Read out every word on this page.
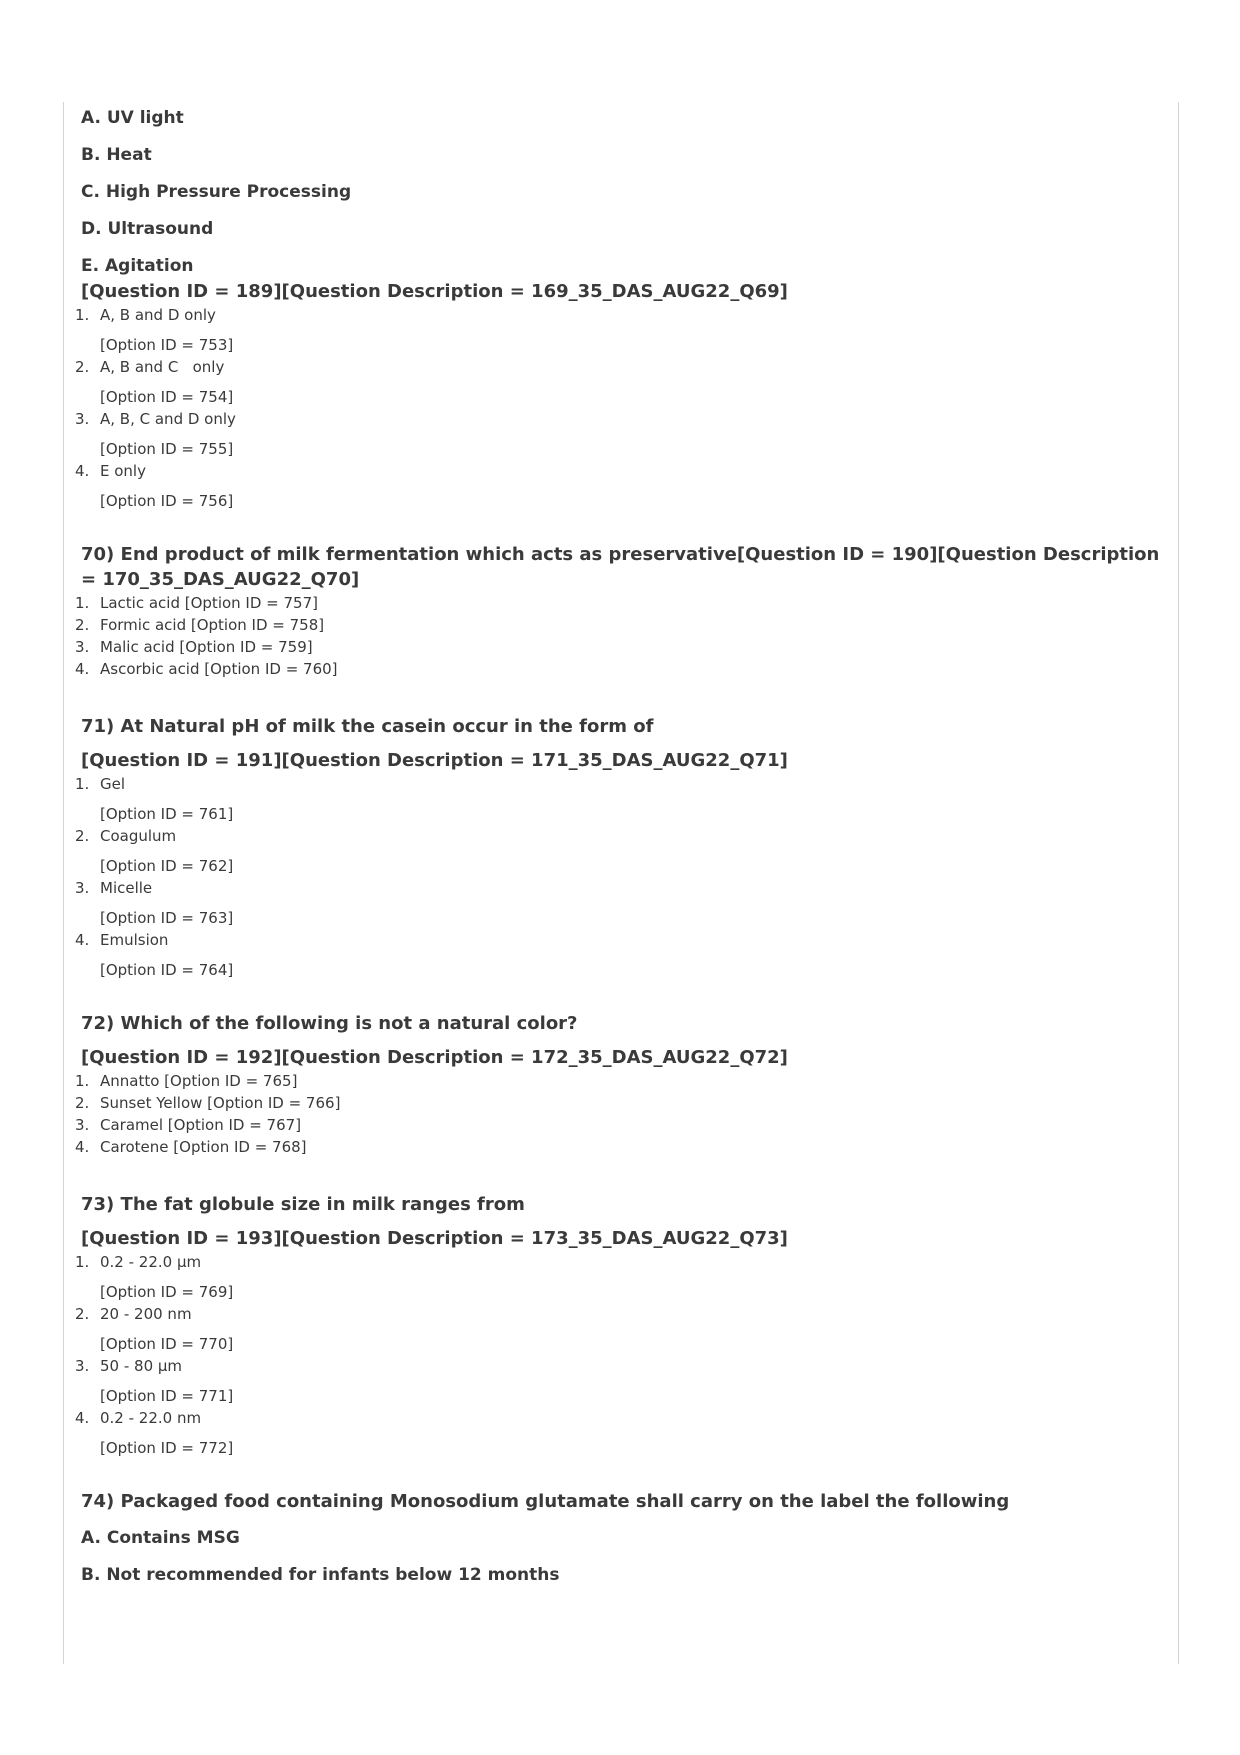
A. UV light
B. Heat
C. High Pressure Processing
D. Ultrasound
E. Agitation
[Question ID = 189][Question Description = 169_35_DAS_AUG22_Q69]
1. A, B and D only
[Option ID = 753]
2. A, B and C   only
[Option ID = 754]
3. A, B, C and D only
[Option ID = 755]
4. E only
[Option ID = 756]
70) End product of milk fermentation which acts as preservative[Question ID = 190][Question Description = 170_35_DAS_AUG22_Q70]
1. Lactic acid [Option ID = 757]
2. Formic acid [Option ID = 758]
3. Malic acid [Option ID = 759]
4. Ascorbic acid [Option ID = 760]
71) At Natural pH of milk the casein occur in the form of
[Question ID = 191][Question Description = 171_35_DAS_AUG22_Q71]
1. Gel
[Option ID = 761]
2. Coagulum
[Option ID = 762]
3. Micelle
[Option ID = 763]
4. Emulsion
[Option ID = 764]
72) Which of the following is not a natural color?
[Question ID = 192][Question Description = 172_35_DAS_AUG22_Q72]
1. Annatto [Option ID = 765]
2. Sunset Yellow [Option ID = 766]
3. Caramel [Option ID = 767]
4. Carotene [Option ID = 768]
73) The fat globule size in milk ranges from
[Question ID = 193][Question Description = 173_35_DAS_AUG22_Q73]
1. 0.2 - 22.0 µm
[Option ID = 769]
2. 20 - 200 nm
[Option ID = 770]
3. 50 - 80 µm
[Option ID = 771]
4. 0.2 - 22.0 nm
[Option ID = 772]
74) Packaged food containing Monosodium glutamate shall carry on the label the following
A. Contains MSG
B. Not recommended for infants below 12 months
